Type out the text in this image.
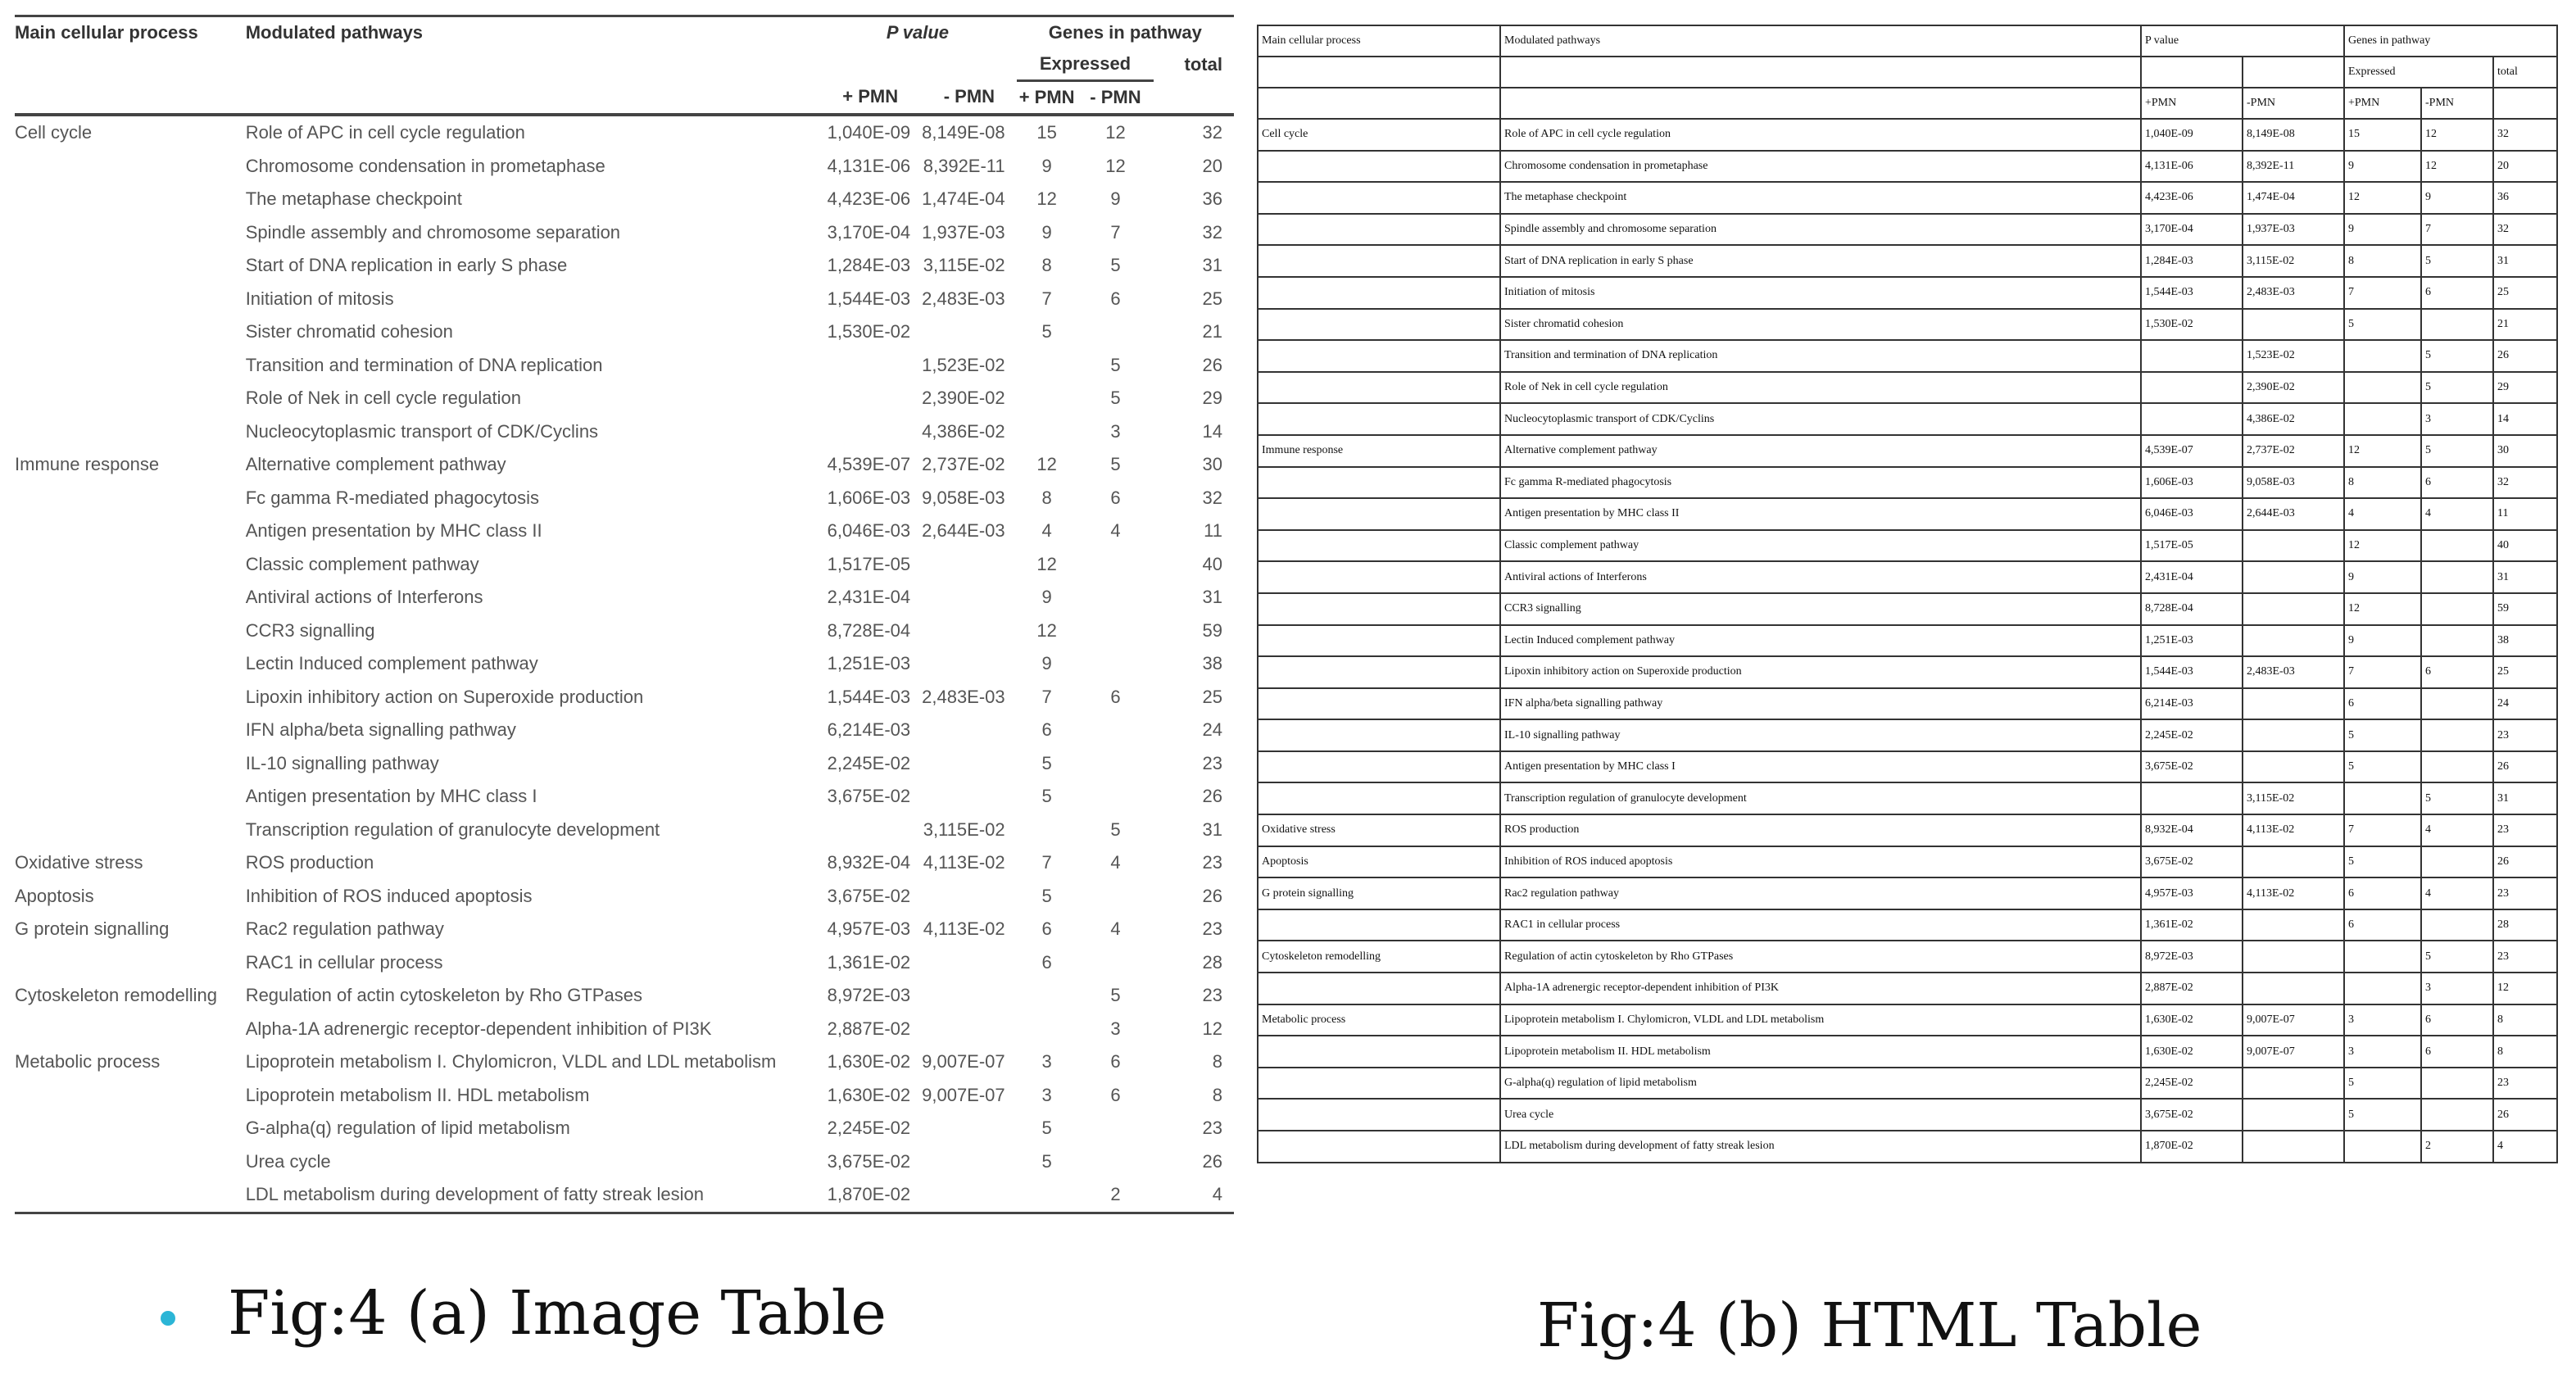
Main cellular process	Modulated pathways	P value		Genes in pathway		
				Expressed		total
		+ PMN	- PMN	+ PMN	- PMN	
Cell cycle	Role of APC in cell cycle regulation	1,040E-09	8,149E-08	15	12	32
	Chromosome condensation in prometaphase	4,131E-06	8,392E-11	9	12	20
	The metaphase checkpoint	4,423E-06	1,474E-04	12	9	36
	Spindle assembly and chromosome separation	3,170E-04	1,937E-03	9	7	32
	Start of DNA replication in early S phase	1,284E-03	3,115E-02	8	5	31
	Initiation of mitosis	1,544E-03	2,483E-03	7	6	25
	Sister chromatid cohesion	1,530E-02		5		21
	Transition and termination of DNA replication		1,523E-02		5	26
	Role of Nek in cell cycle regulation		2,390E-02		5	29
	Nucleocytoplasmic transport of CDK/Cyclins		4,386E-02		3	14
Immune response	Alternative complement pathway	4,539E-07	2,737E-02	12	5	30
	Fc gamma R-mediated phagocytosis	1,606E-03	9,058E-03	8	6	32
	Antigen presentation by MHC class II	6,046E-03	2,644E-03	4	4	11
	Classic complement pathway	1,517E-05		12		40
	Antiviral actions of Interferons	2,431E-04		9		31
	CCR3 signalling	8,728E-04		12		59
	Lectin Induced complement pathway	1,251E-03		9		38
	Lipoxin inhibitory action on Superoxide production	1,544E-03	2,483E-03	7	6	25
	IFN alpha/beta signalling pathway	6,214E-03		6		24
	IL-10 signalling pathway	2,245E-02		5		23
	Antigen presentation by MHC class I	3,675E-02		5		26
	Transcription regulation of granulocyte development		3,115E-02		5	31
Oxidative stress	ROS production	8,932E-04	4,113E-02	7	4	23
Apoptosis	Inhibition of ROS induced apoptosis	3,675E-02		5		26
G protein signalling	Rac2 regulation pathway	4,957E-03	4,113E-02	6	4	23
	RAC1 in cellular process	1,361E-02		6		28
Cytoskeleton remodelling	Regulation of actin cytoskeleton by Rho GTPases	8,972E-03			5	23
	Alpha-1A adrenergic receptor-dependent inhibition of PI3K	2,887E-02			3	12
Metabolic process	Lipoprotein metabolism I. Chylomicron, VLDL and LDL metabolism	1,630E-02	9,007E-07	3	6	8
	Lipoprotein metabolism II. HDL metabolism	1,630E-02	9,007E-07	3	6	8
	G-alpha(q) regulation of lipid metabolism	2,245E-02		5		23
	Urea cycle	3,675E-02		5		26
	LDL metabolism during development of fatty streak lesion	1,870E-02			2	4
Main cellular process	Modulated pathways	P value		Genes in pathway		
				Expressed		total
		+PMN	-PMN	+PMN	-PMN	
Cell cycle	Role of APC in cell cycle regulation	1,040E-09	8,149E-08	15	12	32
	Chromosome condensation in prometaphase	4,131E-06	8,392E-11	9	12	20
	The metaphase checkpoint	4,423E-06	1,474E-04	12	9	36
	Spindle assembly and chromosome separation	3,170E-04	1,937E-03	9	7	32
	Start of DNA replication in early S phase	1,284E-03	3,115E-02	8	5	31
	Initiation of mitosis	1,544E-03	2,483E-03	7	6	25
	Sister chromatid cohesion	1,530E-02		5		21
	Transition and termination of DNA replication		1,523E-02		5	26
	Role of Nek in cell cycle regulation		2,390E-02		5	29
	Nucleocytoplasmic transport of CDK/Cyclins		4,386E-02		3	14
Immune response	Alternative complement pathway	4,539E-07	2,737E-02	12	5	30
	Fc gamma R-mediated phagocytosis	1,606E-03	9,058E-03	8	6	32
	Antigen presentation by MHC class II	6,046E-03	2,644E-03	4	4	11
	Classic complement pathway	1,517E-05		12		40
	Antiviral actions of Interferons	2,431E-04		9		31
	CCR3 signalling	8,728E-04		12		59
	Lectin Induced complement pathway	1,251E-03		9		38
	Lipoxin inhibitory action on Superoxide production	1,544E-03	2,483E-03	7	6	25
	IFN alpha/beta signalling pathway	6,214E-03		6		24
	IL-10 signalling pathway	2,245E-02		5		23
	Antigen presentation by MHC class I	3,675E-02		5		26
	Transcription regulation of granulocyte development		3,115E-02		5	31
Oxidative stress	ROS production	8,932E-04	4,113E-02	7	4	23
Apoptosis	Inhibition of ROS induced apoptosis	3,675E-02		5		26
G protein signalling	Rac2 regulation pathway	4,957E-03	4,113E-02	6	4	23
	RAC1 in cellular process	1,361E-02		6		28
Cytoskeleton remodelling	Regulation of actin cytoskeleton by Rho GTPases	8,972E-03			5	23
	Alpha-1A adrenergic receptor-dependent inhibition of PI3K	2,887E-02			3	12
Metabolic process	Lipoprotein metabolism I. Chylomicron, VLDL and LDL metabolism	1,630E-02	9,007E-07	3	6	8
	Lipoprotein metabolism II. HDL metabolism	1,630E-02	9,007E-07	3	6	8
	G-alpha(q) regulation of lipid metabolism	2,245E-02		5		23
	Urea cycle	3,675E-02		5		26
	LDL metabolism during development of fatty streak lesion	1,870E-02			2	4
Fig:4 (a) Image Table	Fig:4 (b) HTML Table
